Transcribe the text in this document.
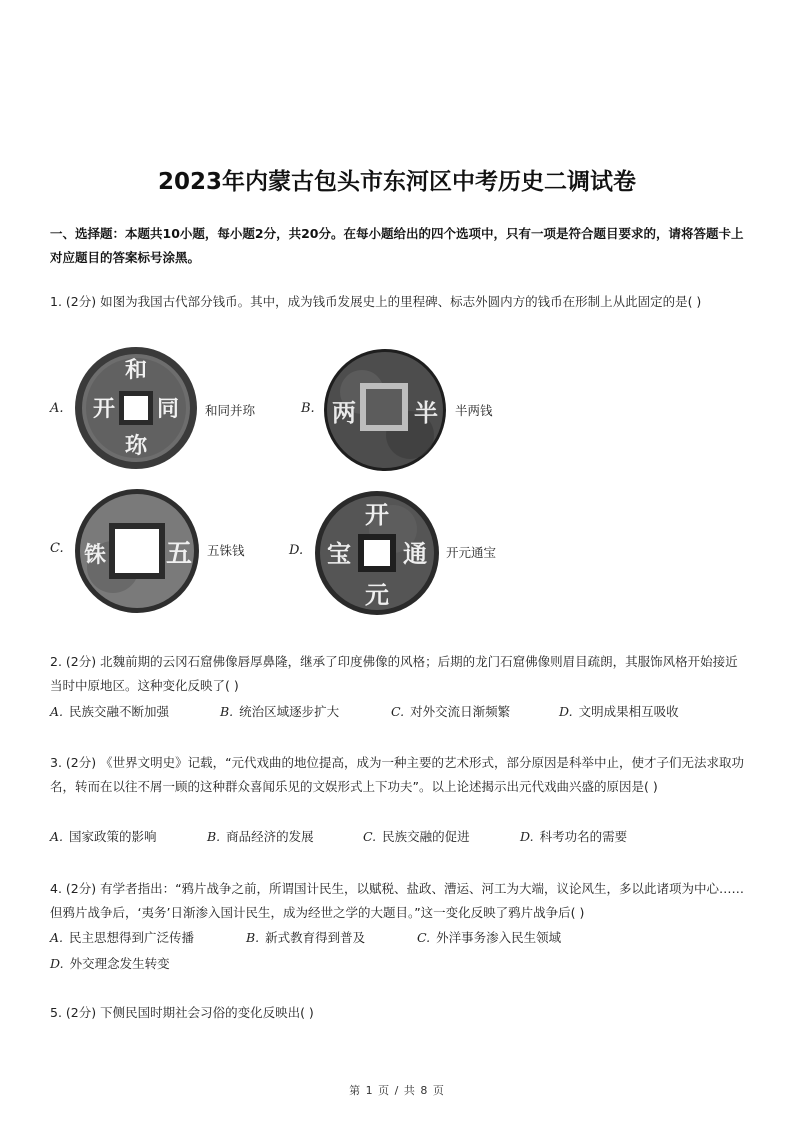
2023年内蒙古包头市东河区中考历史二调试卷
一、选择题：本题共10小题，每小题2分，共20分。在每小题给出的四个选项中，只有一项是符合题目要求的，请将答题卡上对应题目的答案标号涂黑。
1. (2分) 如图为我国古代部分钱币。其中，成为钱币发展史上的里程碑、标志外圆内方的钱币在形制上从此固定的是( )
A.
和
同
开
珎
和同并珎	B. 两 半 半两钱
C.	五
铢	五铢钱	D.
开
元
通
宝	开元通宝
2. (2分) 北魏前期的云冈石窟佛像唇厚鼻隆，继承了印度佛像的风格；后期的龙门石窟佛像则眉目疏朗，其服饰风格开始接近当时中原地区。这种变化反映了( )
A. 民族交融不断加强	B. 统治区域逐步扩大	C. 对外交流日渐频繁	D. 文明成果相互吸收
3. (2分) 《世界文明史》记载，“元代戏曲的地位提高，成为一种主要的艺术形式，部分原因是科举中止，使才子们无法求取功名，转而在以往不屑一顾的这种群众喜闻乐见的文娱形式上下功夫”。以上论述揭示出元代戏曲兴盛的原因是( )
A. 国家政策的影响	B. 商品经济的发展	C. 民族交融的促进	D. 科考功名的需要
4. (2分) 有学者指出：“鸦片战争之前，所谓国计民生，以赋税、盐政、漕运、河工为大端，议论风生，多以此诸项为中心……但鸦片战争后，‘夷务’日渐渗入国计民生，成为经世之学的大题目。”这一变化反映了鸦片战争后( )
A. 民主思想得到广泛传播	B. 新式教育得到普及	C. 外洋事务渗入民生领域
D. 外交理念发生转变
5. (2分) 下侧民国时期社会习俗的变化反映出( )
第 1 页 / 共 8 页
